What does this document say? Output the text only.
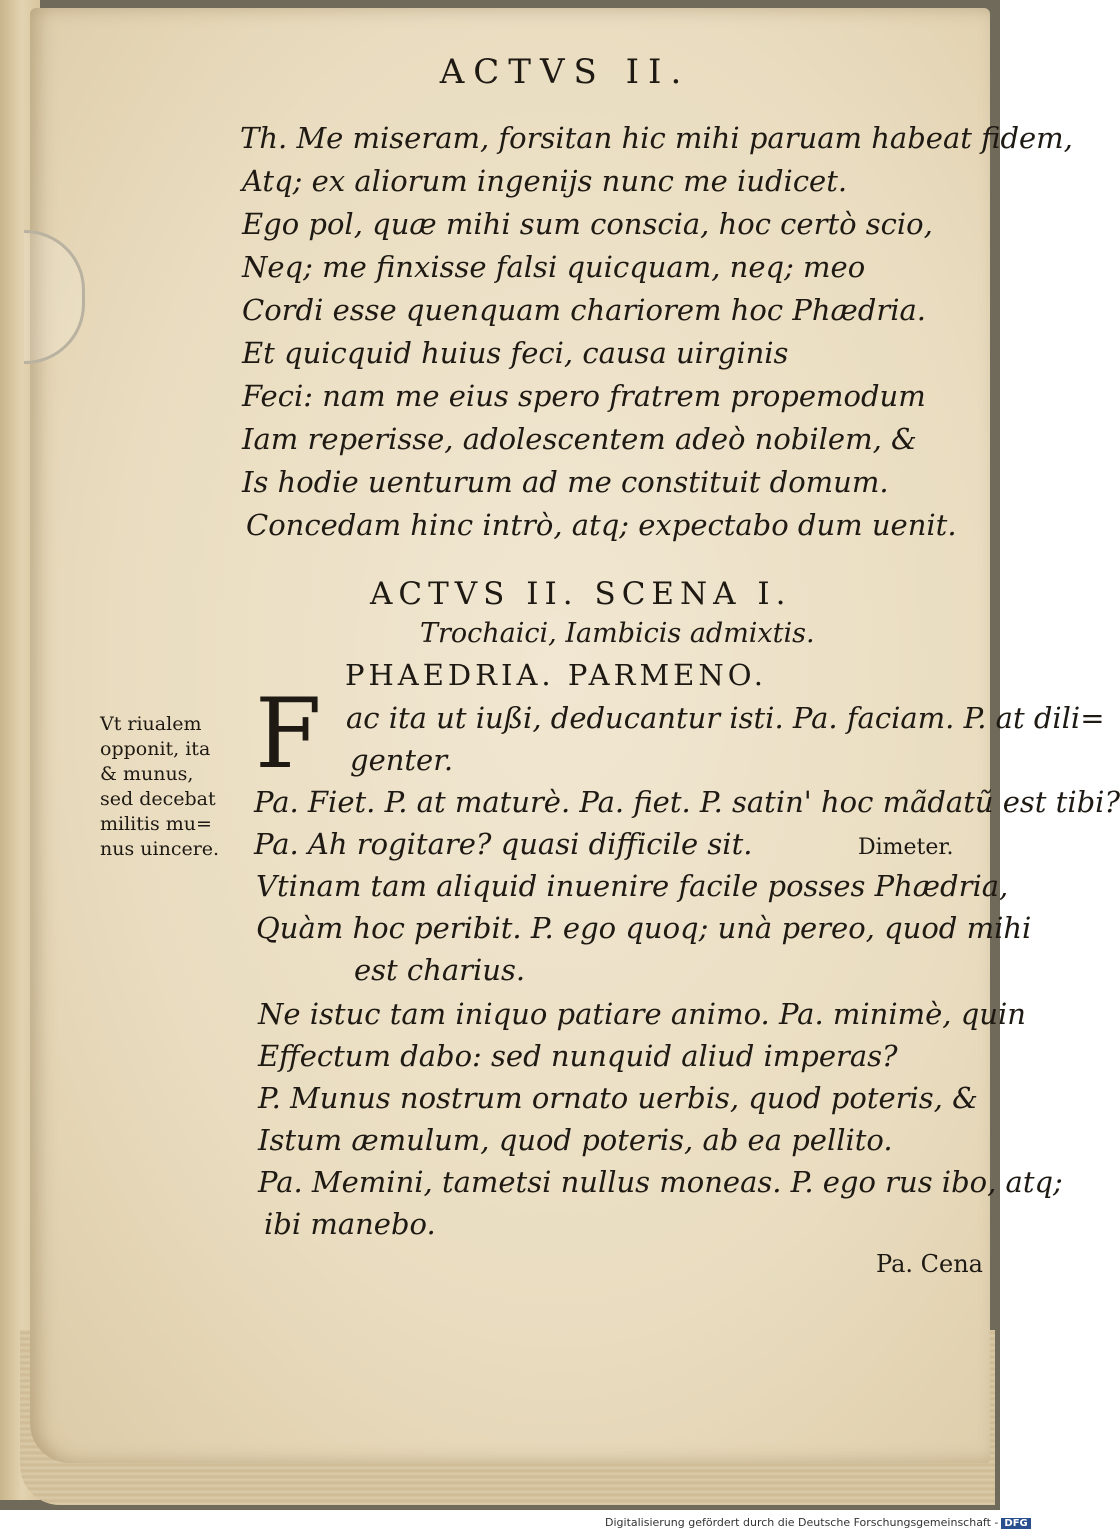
ACTVS II.
Th. Me miseram, forsitan hic mihi paruam habeat fidem,
Atq; ex aliorum ingenijs nunc me iudicet.
Ego pol, quæ mihi sum conscia, hoc certò scio,
Neq; me finxisse falsi quicquam, neq; meo
Cordi esse quenquam chariorem hoc Phædria.
Et quicquid huius feci, causa uirginis
Feci: nam me eius spero fratrem propemodum
Iam reperisse, adolescentem adeò nobilem, &
Is hodie uenturum ad me constituit domum.
Concedam hinc intrò, atq; expectabo dum uenit.
ACTVS II. SCENA I.
Trochaici, Iambicis admixtis.
PHAEDRIA. PARMENO.
F
Vt riualem
opponit, ita
& munus,
sed decebat
militis mu=
nus uincere.
ac ita ut iußi, deducantur isti. Pa. faciam. P. at dili=
genter.
Pa. Fiet. P. at maturè. Pa. fiet. P. satin' hoc mãdatũ est tibi?
Pa. Ah rogitare? quasi difficile sit.
Vtinam tam aliquid inuenire facile posses Phædria,
Quàm hoc peribit. P. ego quoq; unà pereo, quod mihi
est charius.
Ne istuc tam iniquo patiare animo. Pa. minimè, quin
Effectum dabo: sed nunquid aliud imperas?
P. Munus nostrum ornato uerbis, quod poteris, &
Istum æmulum, quod poteris, ab ea pellito.
Pa. Memini, tametsi nullus moneas. P. ego rus ibo, atq;
ibi manebo.
Dimeter.
Pa. Cena
Digitalisierung gefördert durch die Deutsche Forschungsgemeinschaft - DFG
